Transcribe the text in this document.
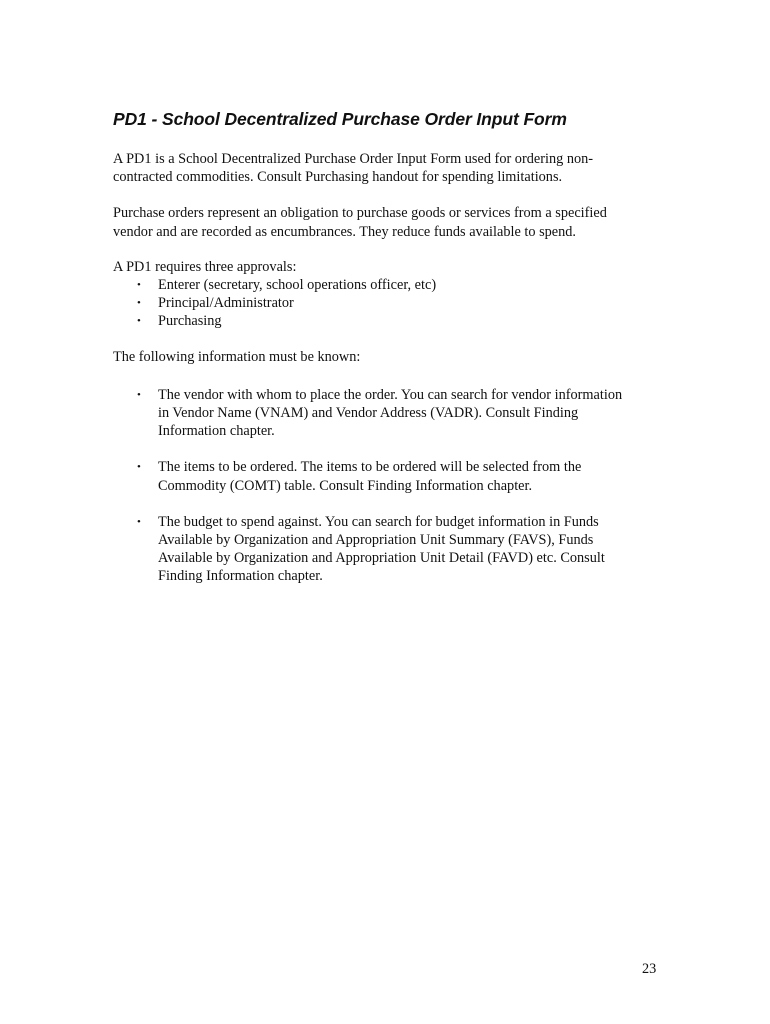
PD1 - School Decentralized Purchase Order Input Form

A PD1 is a School Decentralized Purchase Order Input Form used for ordering non-
contracted commodities. Consult Purchasing handout for spending limitations.

Purchase orders represent an obligation to purchase goods or services from a specified
vendor and are recorded as encumbrances. They reduce funds available to spend.

A PD1 requires three approvals:

• Enterer (secretary, school operations officer, etc)
• Principal/Administrator
• Purchasing

The following information must be known:

• The vendor with whom to place the order. You can search for vendor information
in Vendor Name (VNAM) and Vendor Address (VADR). Consult Finding
Information chapter.
• The items to be ordered. The items to be ordered will be selected from the
Commodity (COMT) table. Consult Finding Information chapter.
• The budget to spend against. You can search for budget information in Funds
Available by Organization and Appropriation Unit Summary (FAVS), Funds
Available by Organization and Appropriation Unit Detail (FAVD) etc. Consult
Finding Information chapter.
23
